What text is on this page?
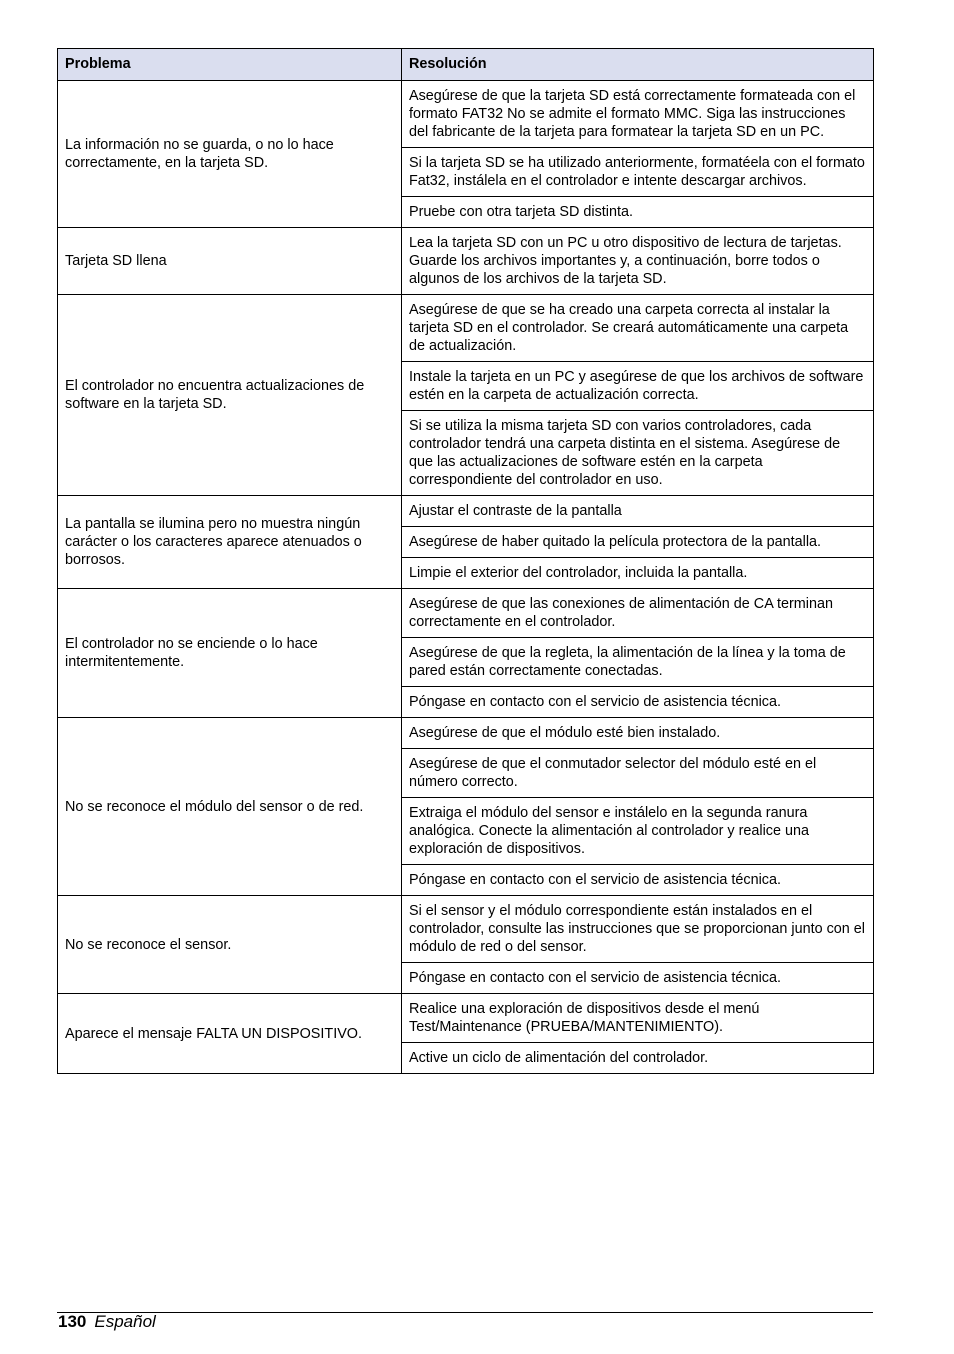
Problema	Resolución
La información no se guarda, o no lo hace correctamente, en la tarjeta SD.	Asegúrese de que la tarjeta SD está correctamente formateada con el formato FAT32 No se admite el formato MMC. Siga las instrucciones del fabricante de la tarjeta para formatear la tarjeta SD en un PC.
	Si la tarjeta SD se ha utilizado anteriormente, formatéela con el formato Fat32, instálela en el controlador e intente descargar archivos.
	Pruebe con otra tarjeta SD distinta.
Tarjeta SD llena	Lea la tarjeta SD con un PC u otro dispositivo de lectura de tarjetas. Guarde los archivos importantes y, a continuación, borre todos o algunos de los archivos de la tarjeta SD.
El controlador no encuentra actualizaciones de software en la tarjeta SD.	Asegúrese de que se ha creado una carpeta correcta al instalar la tarjeta SD en el controlador. Se creará automáticamente una carpeta de actualización.
	Instale la tarjeta en un PC y asegúrese de que los archivos de software estén en la carpeta de actualización correcta.
	Si se utiliza la misma tarjeta SD con varios controladores, cada controlador tendrá una carpeta distinta en el sistema. Asegúrese de que las actualizaciones de software estén en la carpeta correspondiente del controlador en uso.
La pantalla se ilumina pero no muestra ningún carácter o los caracteres aparece atenuados o borrosos.	Ajustar el contraste de la pantalla
	Asegúrese de haber quitado la película protectora de la pantalla.
	Limpie el exterior del controlador, incluida la pantalla.
El controlador no se enciende o lo hace intermitentemente.	Asegúrese de que las conexiones de alimentación de CA terminan correctamente en el controlador.
	Asegúrese de que la regleta, la alimentación de la línea y la toma de pared están correctamente conectadas.
	Póngase en contacto con el servicio de asistencia técnica.
No se reconoce el módulo del sensor o de red.	Asegúrese de que el módulo esté bien instalado.
	Asegúrese de que el conmutador selector del módulo esté en el número correcto.
	Extraiga el módulo del sensor e instálelo en la segunda ranura analógica. Conecte la alimentación al controlador y realice una exploración de dispositivos.
	Póngase en contacto con el servicio de asistencia técnica.
No se reconoce el sensor.	Si el sensor y el módulo correspondiente están instalados en el controlador, consulte las instrucciones que se proporcionan junto con el módulo de red o del sensor.
	Póngase en contacto con el servicio de asistencia técnica.
Aparece el mensaje FALTA UN DISPOSITIVO.	Realice una exploración de dispositivos desde el menú Test/Maintenance (PRUEBA/MANTENIMIENTO).
	Active un ciclo de alimentación del controlador.
130 Español
